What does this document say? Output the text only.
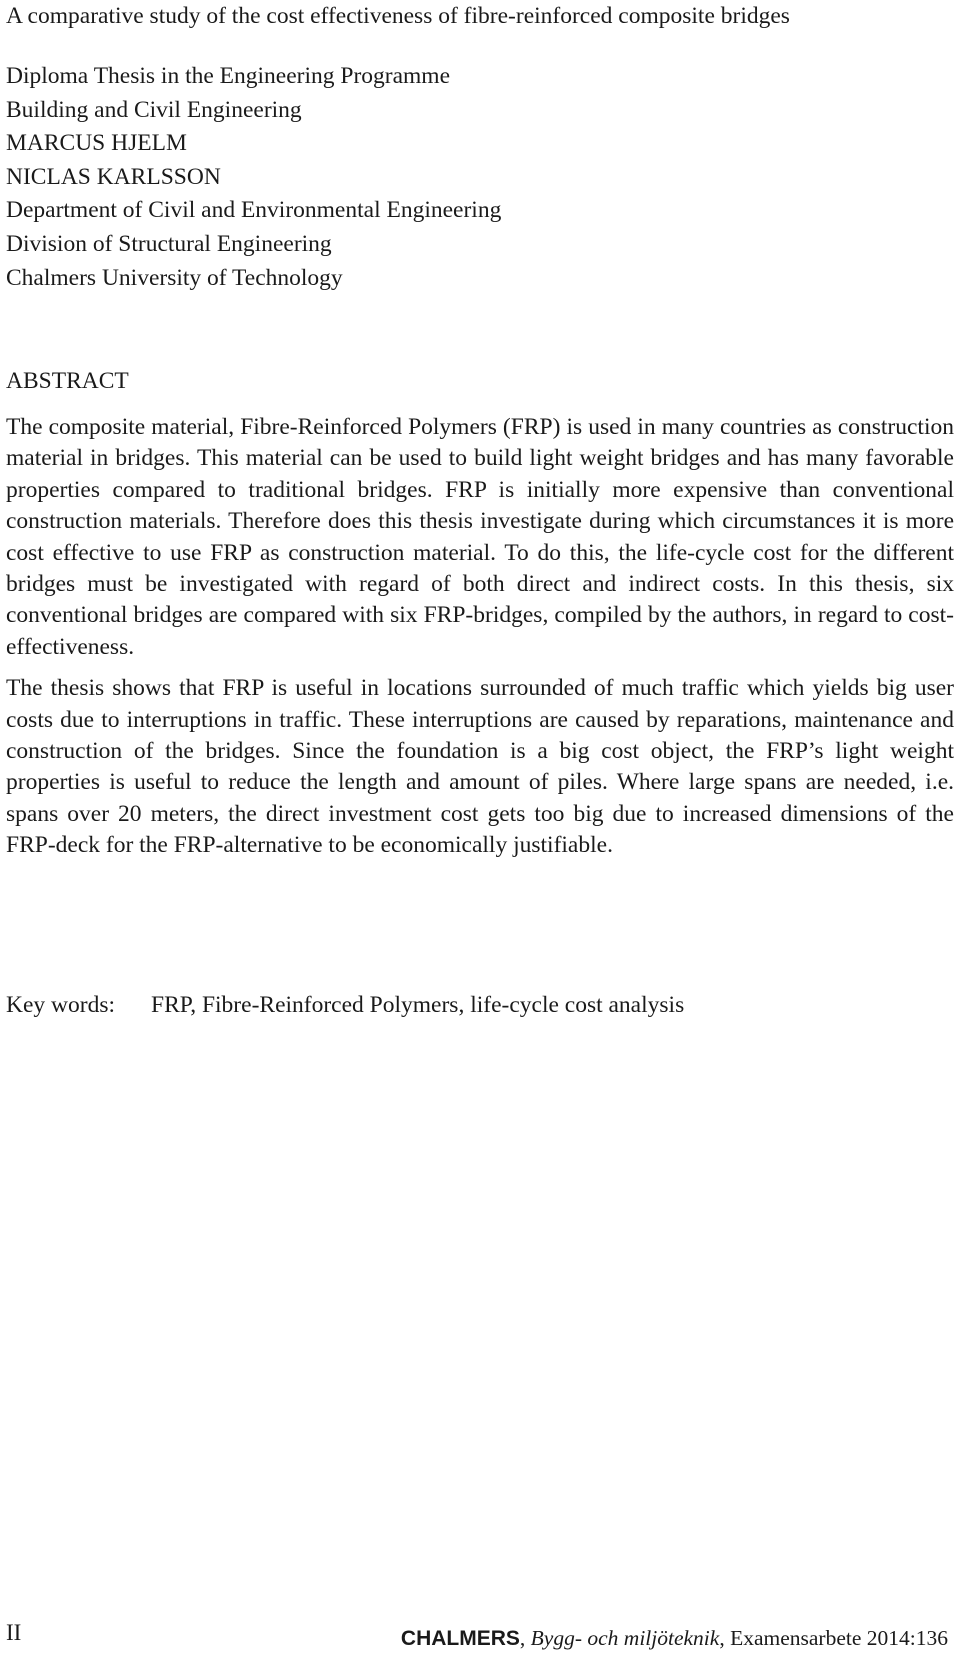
A comparative study of the cost effectiveness of fibre-reinforced composite bridges
Diploma Thesis in the Engineering Programme
Building and Civil Engineering
MARCUS HJELM
NICLAS KARLSSON
Department of Civil and Environmental Engineering
Division of Structural Engineering
Chalmers University of Technology
ABSTRACT

The composite material, Fibre-Reinforced Polymers (FRP) is used in many countries as construction material in bridges. This material can be used to build light weight bridges and has many favorable properties compared to traditional bridges. FRP is initially more expensive than conventional construction materials. Therefore does this thesis investigate during which circumstances it is more cost effective to use FRP as construction material. To do this, the life-cycle cost for the different bridges must be investigated with regard of both direct and indirect costs. In this thesis, six conventional bridges are compared with six FRP-bridges, compiled by the authors, in regard to cost-effectiveness.

The thesis shows that FRP is useful in locations surrounded of much traffic which yields big user costs due to interruptions in traffic. These interruptions are caused by reparations, maintenance and construction of the bridges. Since the foundation is a big cost object, the FRP’s light weight properties is useful to reduce the length and amount of piles. Where large spans are needed, i.e. spans over 20 meters, the direct investment cost gets too big due to increased dimensions of the FRP-deck for the FRP-alternative to be economically justifiable.

Key words: FRP, Fibre-Reinforced Polymers, life-cycle cost analysis
II	CHALMERS, Bygg- och miljöteknik, Examensarbete 2014:136
